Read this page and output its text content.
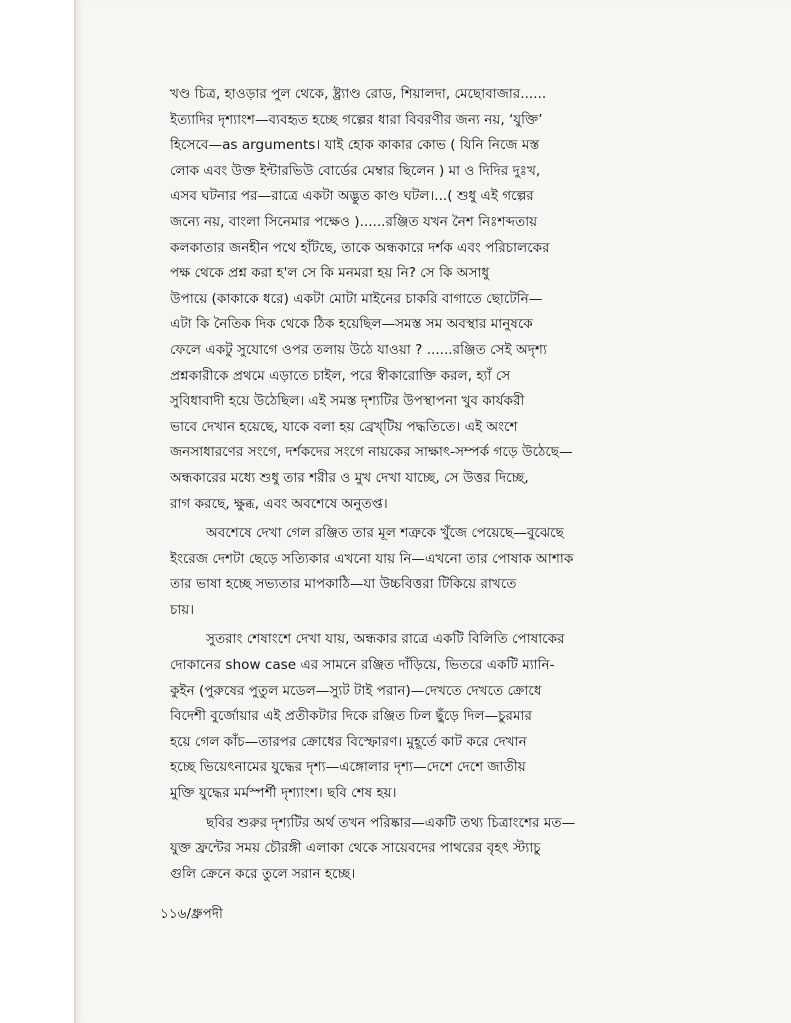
খণ্ড চিত্র, হাওড়ার পুল থেকে, ষ্ট্র্যাণ্ড রোড, শিয়ালদা, মেছোবাজার......
ইত্যাদির দৃশ্যাংশ—ব্যবহৃত হচ্ছে গল্পের ধারা বিবরণীর জন্য নয়, ‘যুক্তি’
হিসেবে—as arguments। যাই হোক কাকার কোভ ( যিনি নিজে মস্ত
লোক এবং উক্ত ইন্টারভিউ বোর্ডের মেম্বার ছিলেন ) মা ও দিদির দুঃখ,
এসব ঘটনার পর—রাত্রে একটা অদ্ভুত কাণ্ড ঘটল।...( শুধু এই গল্পের
জন্যে নয়, বাংলা সিনেমার পক্ষেও )......রঞ্জিত যখন নৈশ নিঃশব্দতায়
কলকাতার জনহীন পথে হাঁটছে, তাকে অন্ধকারে দর্শক এবং পরিচালকের
পক্ষ থেকে প্রশ্ন করা হ'ল সে কি মনমরা হয় নি? সে কি অসাধু
উপায়ে (কাকাকে ধরে) একটা মোটা মাইনের চাকরি বাগাতে ছোটেনি—
এটা কি নৈতিক দিক থেকে ঠিক হয়েছিল—সমস্ত সম অবস্থার মানুষকে
ফেলে একটু সুযোগে ওপর তলায় উঠে যাওয়া ? ......রঞ্জিত সেই অদৃশ্য
প্রশ্নকারীকে প্রথমে এড়াতে চাইল, পরে স্বীকারোক্তি করল, হ্যাঁ সে
সুবিধাবাদী হয়ে উঠেছিল। এই সমস্ত দৃশ্যটির উপস্থাপনা খুব কার্যকরী
ভাবে দেখান হয়েছে, যাকে বলা হয় ব্রেখ্‌টিয় পদ্ধতিতে। এই অংশে
জনসাধারণের সংগে, দর্শকদের সংগে নায়কের সাক্ষাৎ-সম্পর্ক গড়ে উঠেছে—
অন্ধকারের মধ্যে শুধু তার শরীর ও মুখ দেখা যাচ্ছে, সে উত্তর দিচ্ছে,
রাগ করছে, ক্ষুব্ধ, এবং অবশেষে অনুতপ্ত।
অবশেষে দেখা গেল রঞ্জিত তার মূল শত্রুকে খুঁজে পেয়েছে—বুঝেছে
ইংরেজ দেশটা ছেড়ে সত্যিকার এখনো যায় নি—এখনো তার পোষাক আশাক
তার ভাষা হচ্ছে সভ্যতার মাপকাঠি—যা উচ্চবিত্তরা টিকিয়ে রাখতে
চায়।
সুতরাং শেষাংশে দেখা যায়, অন্ধকার রাত্রে একটি বিলিতি পোষাকের
দোকানের show case এর সামনে রঞ্জিত দাঁড়িয়ে, ভিতরে একটি ম্যানি-
কুইন (পুরুষের পুতুল মডেল—স্যুট টাই পরান)—দেখতে দেখতে ক্রোধে
বিদেশী বুর্জোয়ার এই প্রতীকটার দিকে রঞ্জিত ঢিল ছুঁড়ে দিল—চুরমার
হয়ে গেল কাঁচ—তারপর ক্রোধের বিস্ফোরণ। মুহূর্তে কাট করে দেখান
হচ্ছে ভিয়েৎনামের যুদ্ধের দৃশ্য—এঙ্গোলার দৃশ্য—দেশে দেশে জাতীয়
মুক্তি যুদ্ধের মর্মস্পর্শী দৃশ্যাংশ। ছবি শেষ হয়।
ছবির শুরুর দৃশ্যটির অর্থ তখন পরিষ্কার—একটি তথ্য চিত্রাংশের মত—
যুক্ত ফ্রন্টের সময় চৌরঙ্গী এলাকা থেকে সায়েবদের পাথরের বৃহৎ স্ট্যাচু
গুলি ক্রেনে করে তুলে সরান হচ্ছে।
১১৬/ধ্রুপদী
